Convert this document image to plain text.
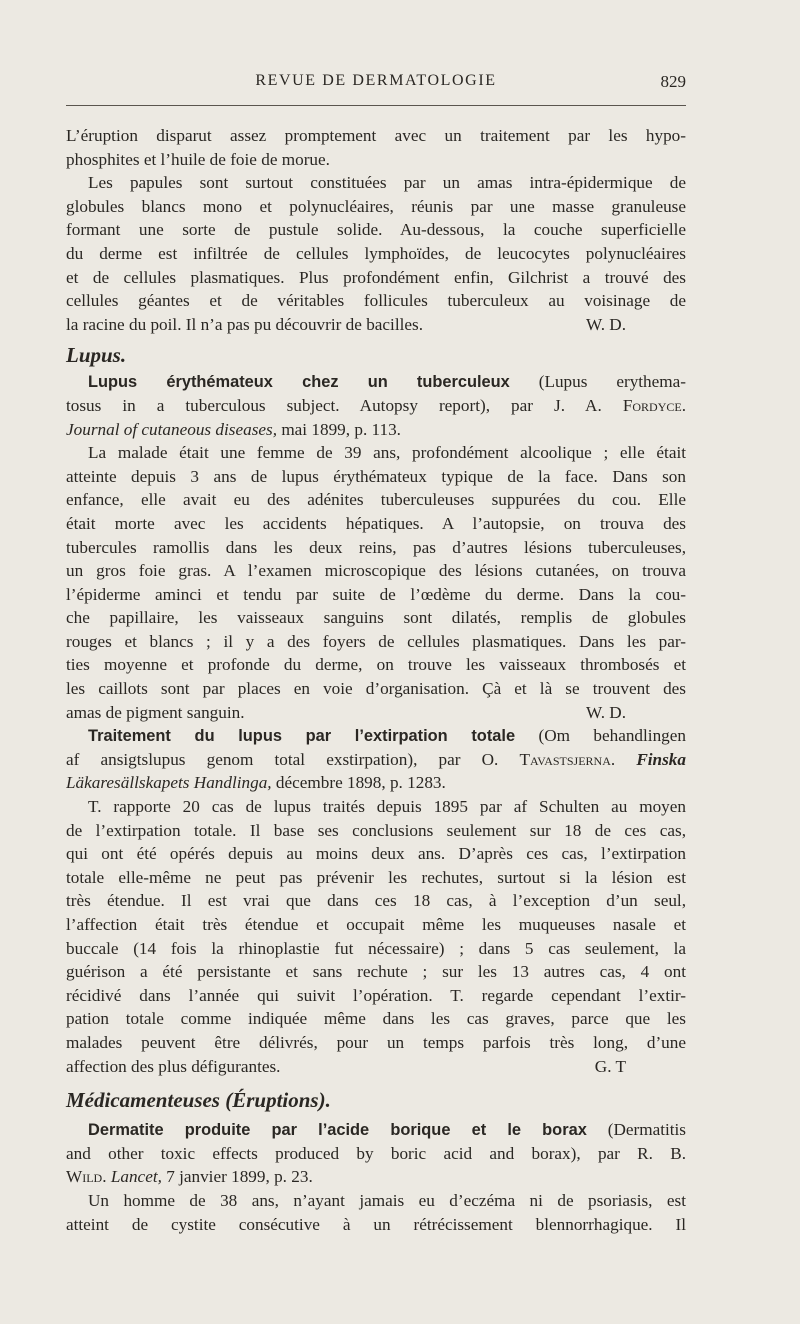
REVUE DE DERMATOLOGIE	829
L’éruption disparut assez promptement avec un traitement par les hypo-
phosphites et l’huile de foie de morue.
Les papules sont surtout constituées par un amas intra-épidermique de
globules blancs mono et polynucléaires, réunis par une masse granuleuse
formant une sorte de pustule solide. Au-dessous, la couche superficielle
du derme est infiltrée de cellules lymphoïdes, de leucocytes polynucléaires
et de cellules plasmatiques. Plus profondément enfin, Gilchrist a trouvé des
cellules géantes et de véritables follicules tuberculeux au voisinage de
la racine du poil. Il n’a pas pu découvrir de bacilles.	W. D.
Lupus.
Lupus érythémateux chez un tuberculeux (Lupus erythema-
tosus in a tuberculous subject. Autopsy report), par J. A. Fordyce.
Journal of cutaneous diseases, mai 1899, p. 113.
La malade était une femme de 39 ans, profondément alcoolique ; elle était
atteinte depuis 3 ans de lupus érythémateux typique de la face. Dans son
enfance, elle avait eu des adénites tuberculeuses suppurées du cou. Elle
était morte avec les accidents hépatiques. A l’autopsie, on trouva des
tubercules ramollis dans les deux reins, pas d’autres lésions tuberculeuses,
un gros foie gras. A l’examen microscopique des lésions cutanées, on trouva
l’épiderme aminci et tendu par suite de l’œdème du derme. Dans la cou-
che papillaire, les vaisseaux sanguins sont dilatés, remplis de globules
rouges et blancs ; il y a des foyers de cellules plasmatiques. Dans les par-
ties moyenne et profonde du derme, on trouve les vaisseaux thrombosés et
les caillots sont par places en voie d’organisation. Çà et là se trouvent des
amas de pigment sanguin.	W. D.
Traitement du lupus par l’extirpation totale (Om behandlingen
af ansigtslupus genom total exstirpation), par O. Tavastsjerna. Finska
Läkaresällskapets Handlinga, décembre 1898, p. 1283.
T. rapporte 20 cas de lupus traités depuis 1895 par af Schulten au moyen
de l’extirpation totale. Il base ses conclusions seulement sur 18 de ces cas,
qui ont été opérés depuis au moins deux ans. D’après ces cas, l’extirpation
totale elle-même ne peut pas prévenir les rechutes, surtout si la lésion est
très étendue. Il est vrai que dans ces 18 cas, à l’exception d’un seul,
l’affection était très étendue et occupait même les muqueuses nasale et
buccale (14 fois la rhinoplastie fut nécessaire) ; dans 5 cas seulement, la
guérison a été persistante et sans rechute ; sur les 13 autres cas, 4 ont
récidivé dans l’année qui suivit l’opération. T. regarde cependant l’extir-
pation totale comme indiquée même dans les cas graves, parce que les
malades peuvent être délivrés, pour un temps parfois très long, d’une
affection des plus défigurantes.	G. T
Médicamenteuses (Éruptions).
Dermatite produite par l’acide borique et le borax (Dermatitis
and other toxic effects produced by boric acid and borax), par R. B.
Wild. Lancet, 7 janvier 1899, p. 23.
Un homme de 38 ans, n’ayant jamais eu d’eczéma ni de psoriasis, est
atteint de cystite consécutive à un rétrécissement blennorrhagique. Il
